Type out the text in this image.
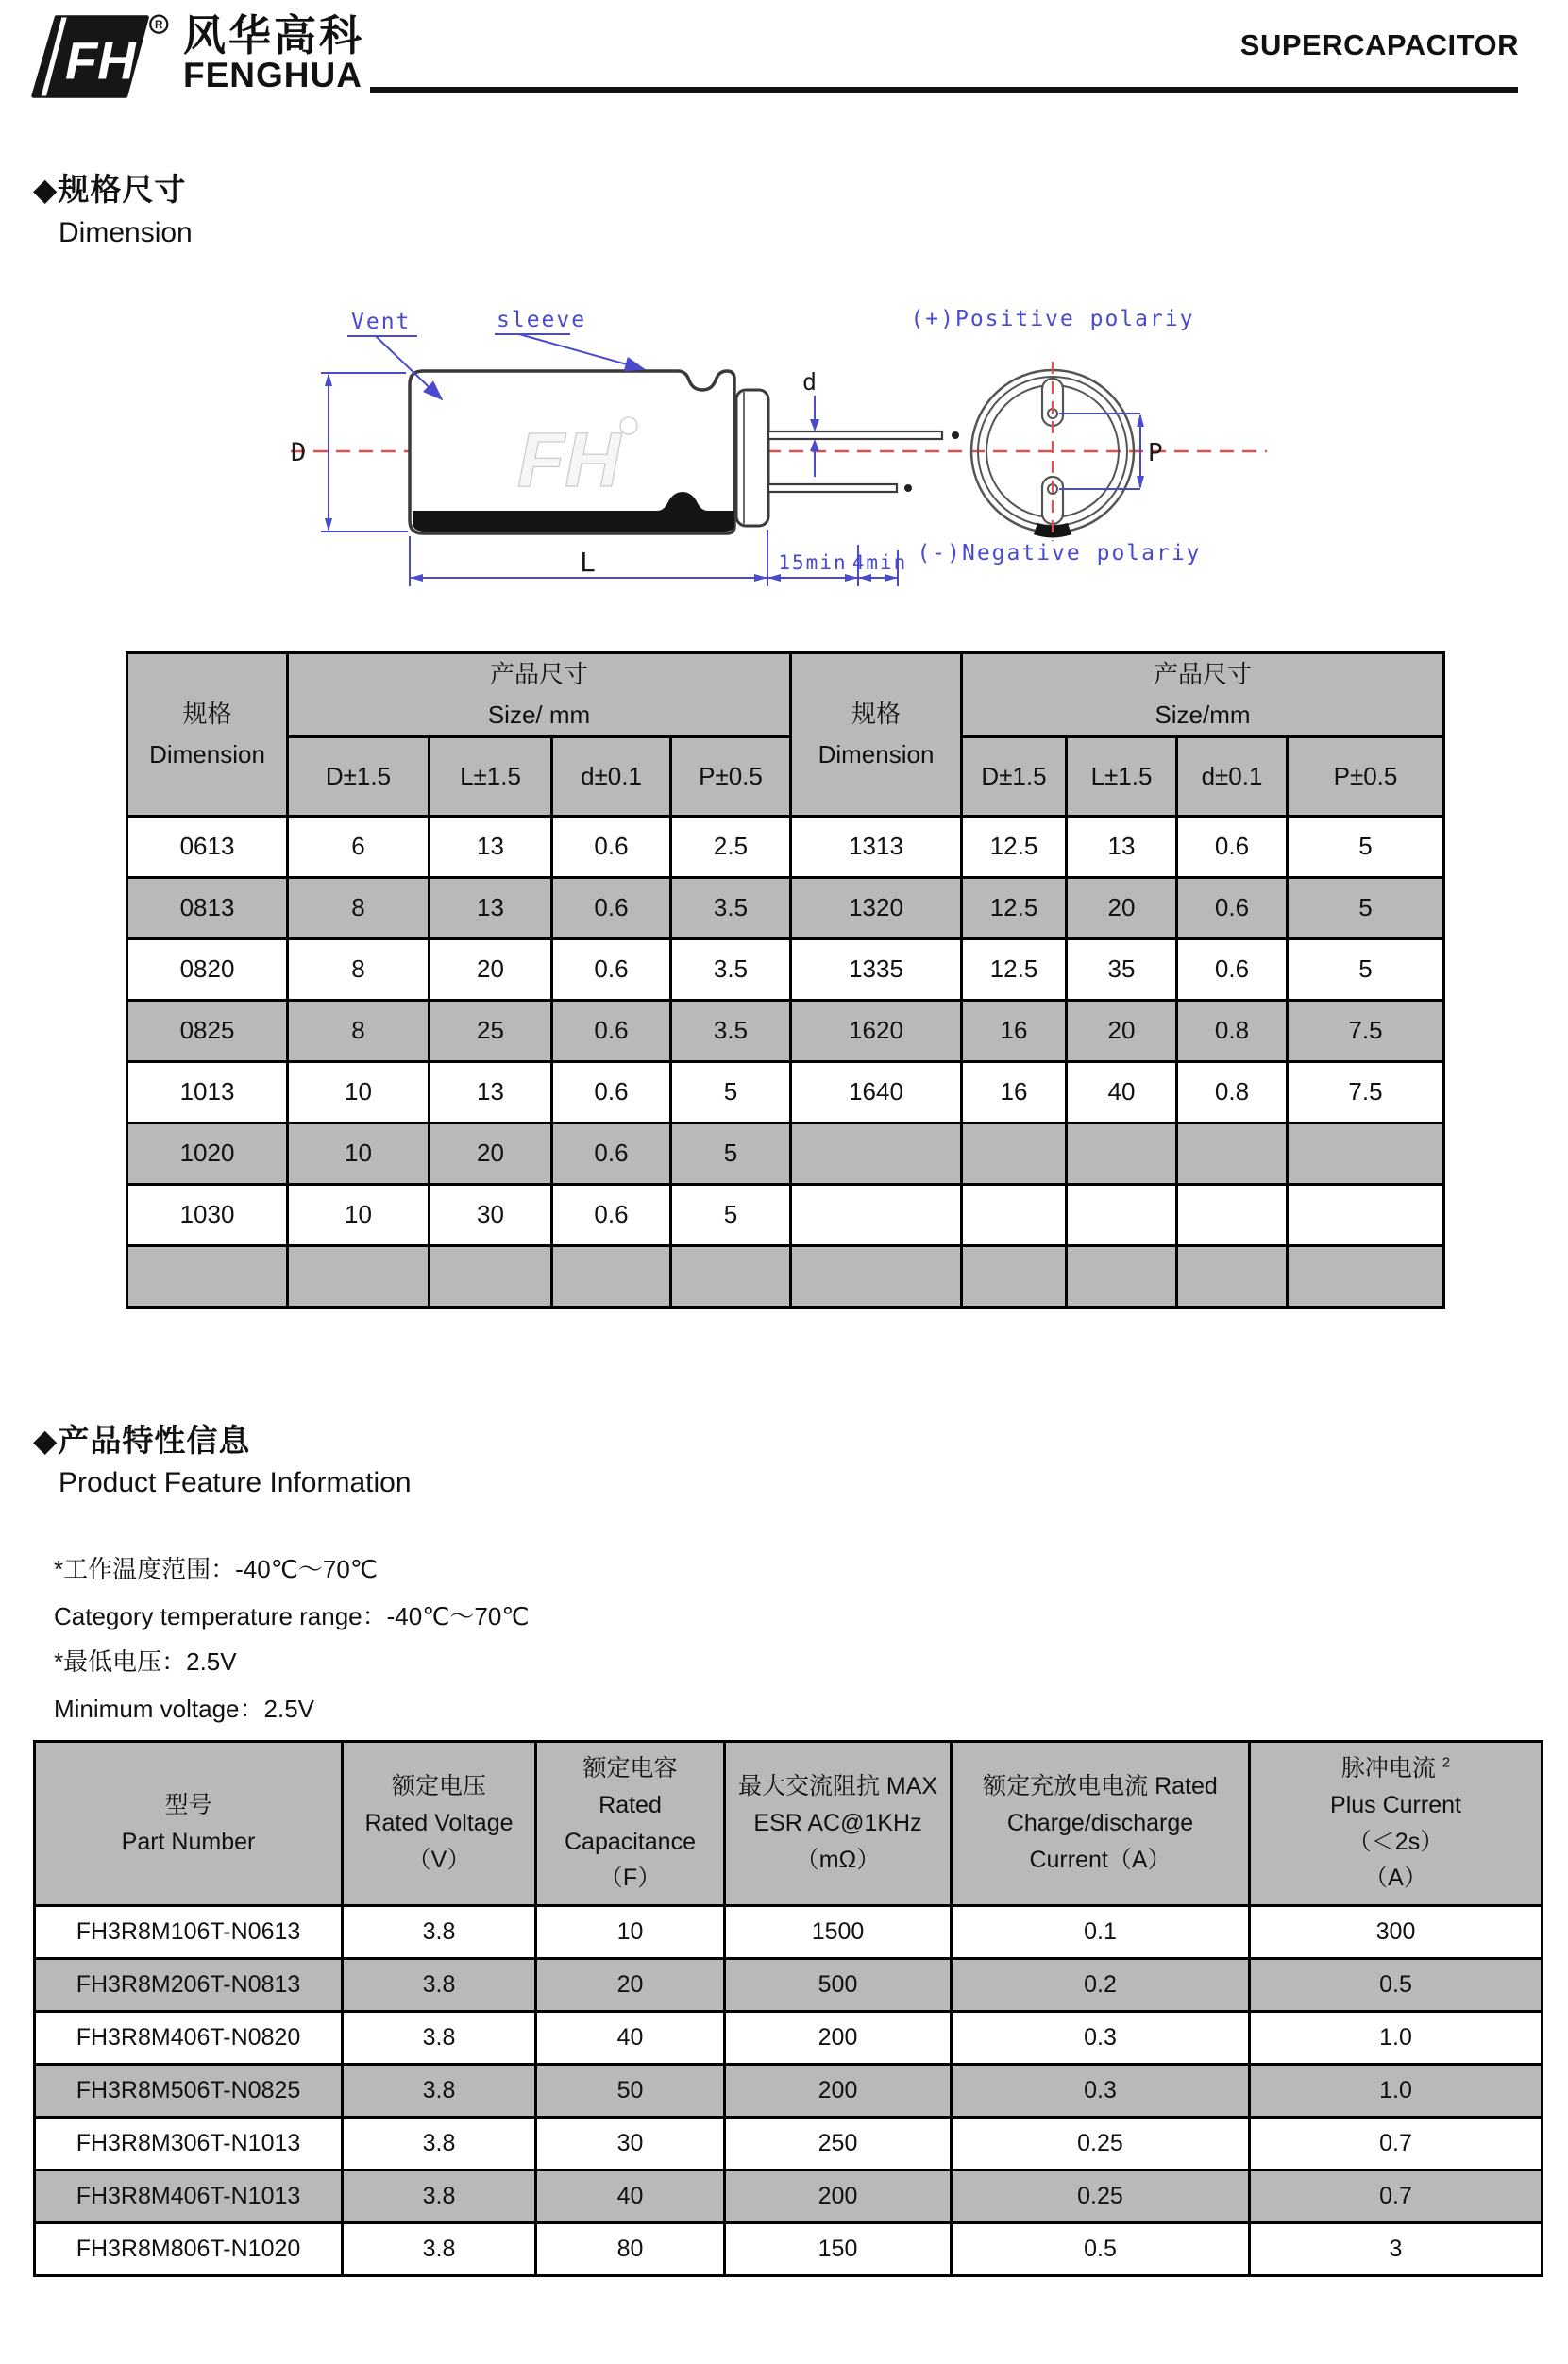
FH
R 风华高科
FENGHUA
SUPERCAPACITOR
◆规格尺寸
Dimension
FH
D
Vent	sleeve
d
L	15min 4min
P
(+)Positive polariy
(-)Negative polariy
规格
Dimension

产品尺寸
Size/ mm	规格
Dimension

产品尺寸
Size/mm

	D±1.5	L±1.5	d±0.1	P±0.5		D±1.5	L±1.5	d±0.1	P±0.5
0613	6	13	0.6	2.5	1313	12.5	13	0.6	5
0813	8	13	0.6	3.5	1320	12.5	20	0.6	5
0820	8	20	0.6	3.5	1335	12.5	35	0.6	5
0825	8	25	0.6	3.5	1620	16	20	0.8	7.5
1013	10	13	0.6	5	1640	16	40	0.8	7.5
1020	10	20	0.6	5					
1030	10	30	0.6	5					

◆产品特性信息
Product Feature Information
*工作温度范围：-40℃～70℃
Category temperature range：-40℃～70℃
*最低电压：2.5V
Minimum voltage：2.5V
型号
Part Number

额定电压
Rated Voltage
（V）

额定电容
Rated
Capacitance
（F）

最大交流阻抗 MAX
ESR AC@1KHz
（mΩ）

额定充放电电流 Rated
Charge/discharge
Current（A）

脉冲电流 $^2$
Plus Current
（＜2s）
（A）

FH3R8M106T-N0613	3.8	10	1500	0.1	300
FH3R8M206T-N0813	3.8	20	500	0.2	0.5
FH3R8M406T-N0820	3.8	40	200	0.3	1.0
FH3R8M506T-N0825	3.8	50	200	0.3	1.0
FH3R8M306T-N1013	3.8	30	250	0.25	0.7
FH3R8M406T-N1013	3.8	40	200	0.25	0.7
FH3R8M806T-N1020	3.8	80	150	0.5	3
